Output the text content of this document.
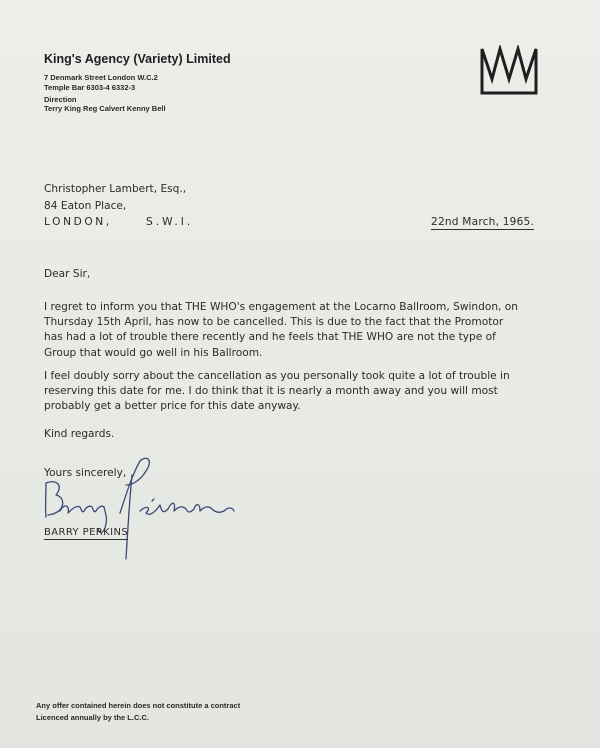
King's Agency (Variety) Limited
7 Denmark Street London W.C.2
Temple Bar 6303-4 6332-3
Direction
Terry King Reg Calvert Kenny Bell
Christopher Lambert, Esq.,
84 Eaton Place,
LONDON,	S.W.I.	22nd March, 1965.
Dear Sir,
I regret to inform you that THE WHO's engagement at the Locarno Ballroom, Swindon, on
Thursday 15th April, has now to be cancelled. This is due to the fact that the Promotor
has had a lot of trouble there recently and he feels that THE WHO are not the type of
Group that would go well in his Ballroom.
I feel doubly sorry about the cancellation as you personally took quite a lot of trouble in
reserving this date for me. I do think that it is nearly a month away and you will most
probably get a better price for this date anyway.
Kind regards.
Yours sincerely,
BARRY PERKINS
Any offer contained herein does not constitute a contract
Licenced annually by the L.C.C.
